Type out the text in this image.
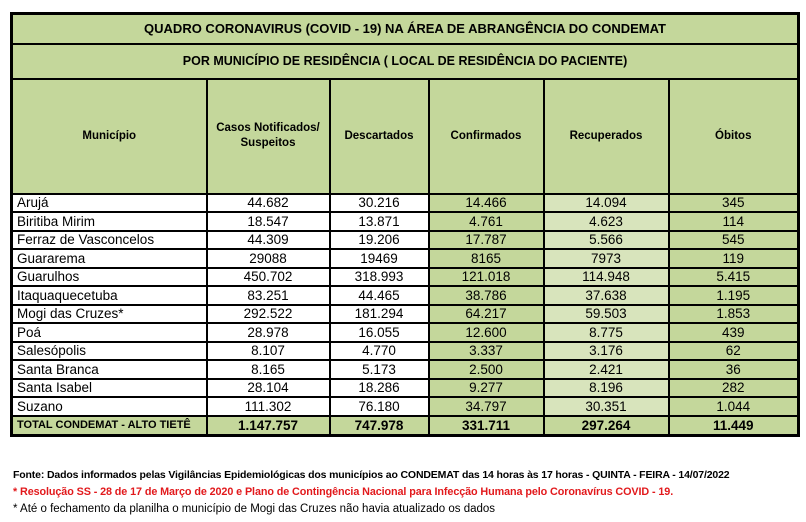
QUADRO CORONAVIRUS (COVID - 19) NA ÁREA DE ABRANGÊNCIA DO CONDEMAT					
POR MUNICÍPIO DE RESIDÊNCIA ( LOCAL DE RESIDÊNCIA DO PACIENTE)					
Município	Casos Notificados/ Suspeitos	Descartados	Confirmados	Recuperados	Óbitos
Arujá	44.682	30.216	14.466	14.094	345
Biritiba Mirim	18.547	13.871	4.761	4.623	114
Ferraz de Vasconcelos	44.309	19.206	17.787	5.566	545
Guararema	29088	19469	8165	7973	119
Guarulhos	450.702	318.993	121.018	114.948	5.415
Itaquaquecetuba	83.251	44.465	38.786	37.638	1.195
Mogi das Cruzes*	292.522	181.294	64.217	59.503	1.853
Poá	28.978	16.055	12.600	8.775	439
Salesópolis	8.107	4.770	3.337	3.176	62
Santa Branca	8.165	5.173	2.500	2.421	36
Santa Isabel	28.104	18.286	9.277	8.196	282
Suzano	111.302	76.180	34.797	30.351	1.044
TOTAL CONDEMAT - ALTO TIETÊ	1.147.757	747.978	331.711	297.264	11.449
Fonte: Dados informados pelas Vigilâncias Epidemiológicas dos municípios ao CONDEMAT das 14 horas às 17 horas - QUINTA - FEIRA - 14/07/2022
* Resolução SS - 28 de 17 de Março de 2020 e Plano de Contingência Nacional para Infecção Humana pelo Coronavírus COVID - 19.
* Até o fechamento da planilha o município de Mogi das Cruzes não havia atualizado os dados
